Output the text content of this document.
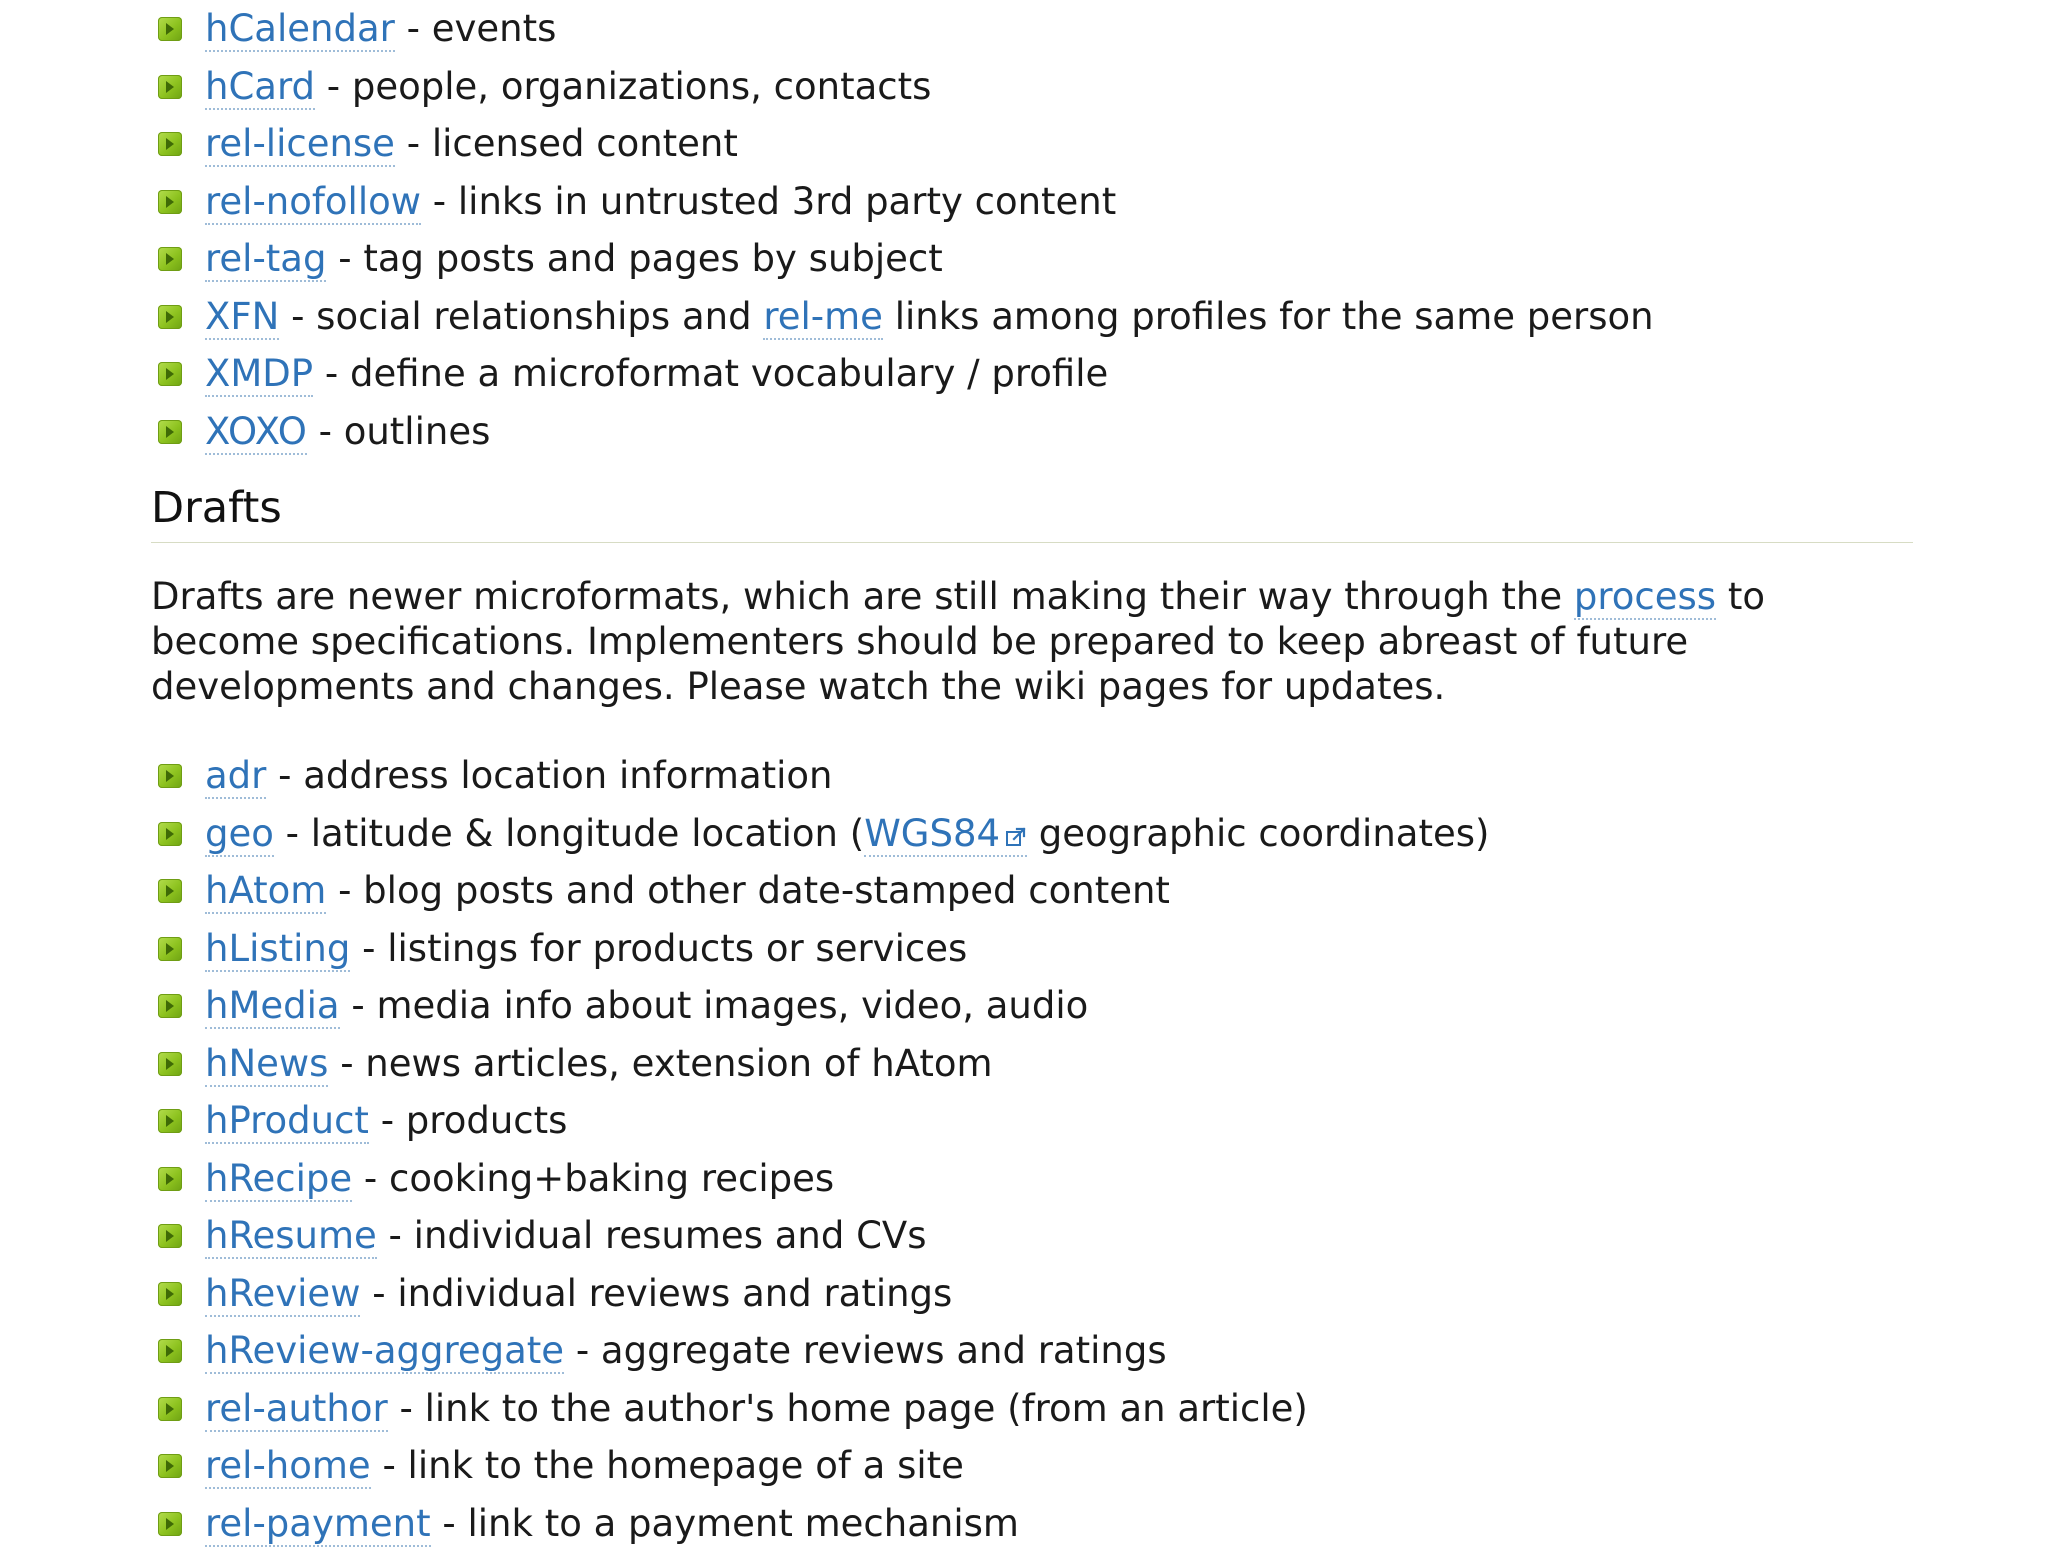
hCalendar - events
hCard - people, organizations, contacts
rel-license - licensed content
rel-nofollow - links in untrusted 3rd party content
rel-tag - tag posts and pages by subject
XFN - social relationships and rel-me links among profiles for the same person
XMDP - define a microformat vocabulary / profile
XOXO - outlines
Drafts

Drafts are newer microformats, which are still making their way through the process to become specifications. Implementers should be prepared to keep abreast of future developments and changes. Please watch the wiki pages for updates.

adr - address location information
geo - latitude & longitude location (WGS84 geographic coordinates)
hAtom - blog posts and other date-stamped content
hListing - listings for products or services
hMedia - media info about images, video, audio
hNews - news articles, extension of hAtom
hProduct - products
hRecipe - cooking+baking recipes
hResume - individual resumes and CVs
hReview - individual reviews and ratings
hReview-aggregate - aggregate reviews and ratings
rel-author - link to the author's home page (from an article)
rel-home - link to the homepage of a site
rel-payment - link to a payment mechanism
